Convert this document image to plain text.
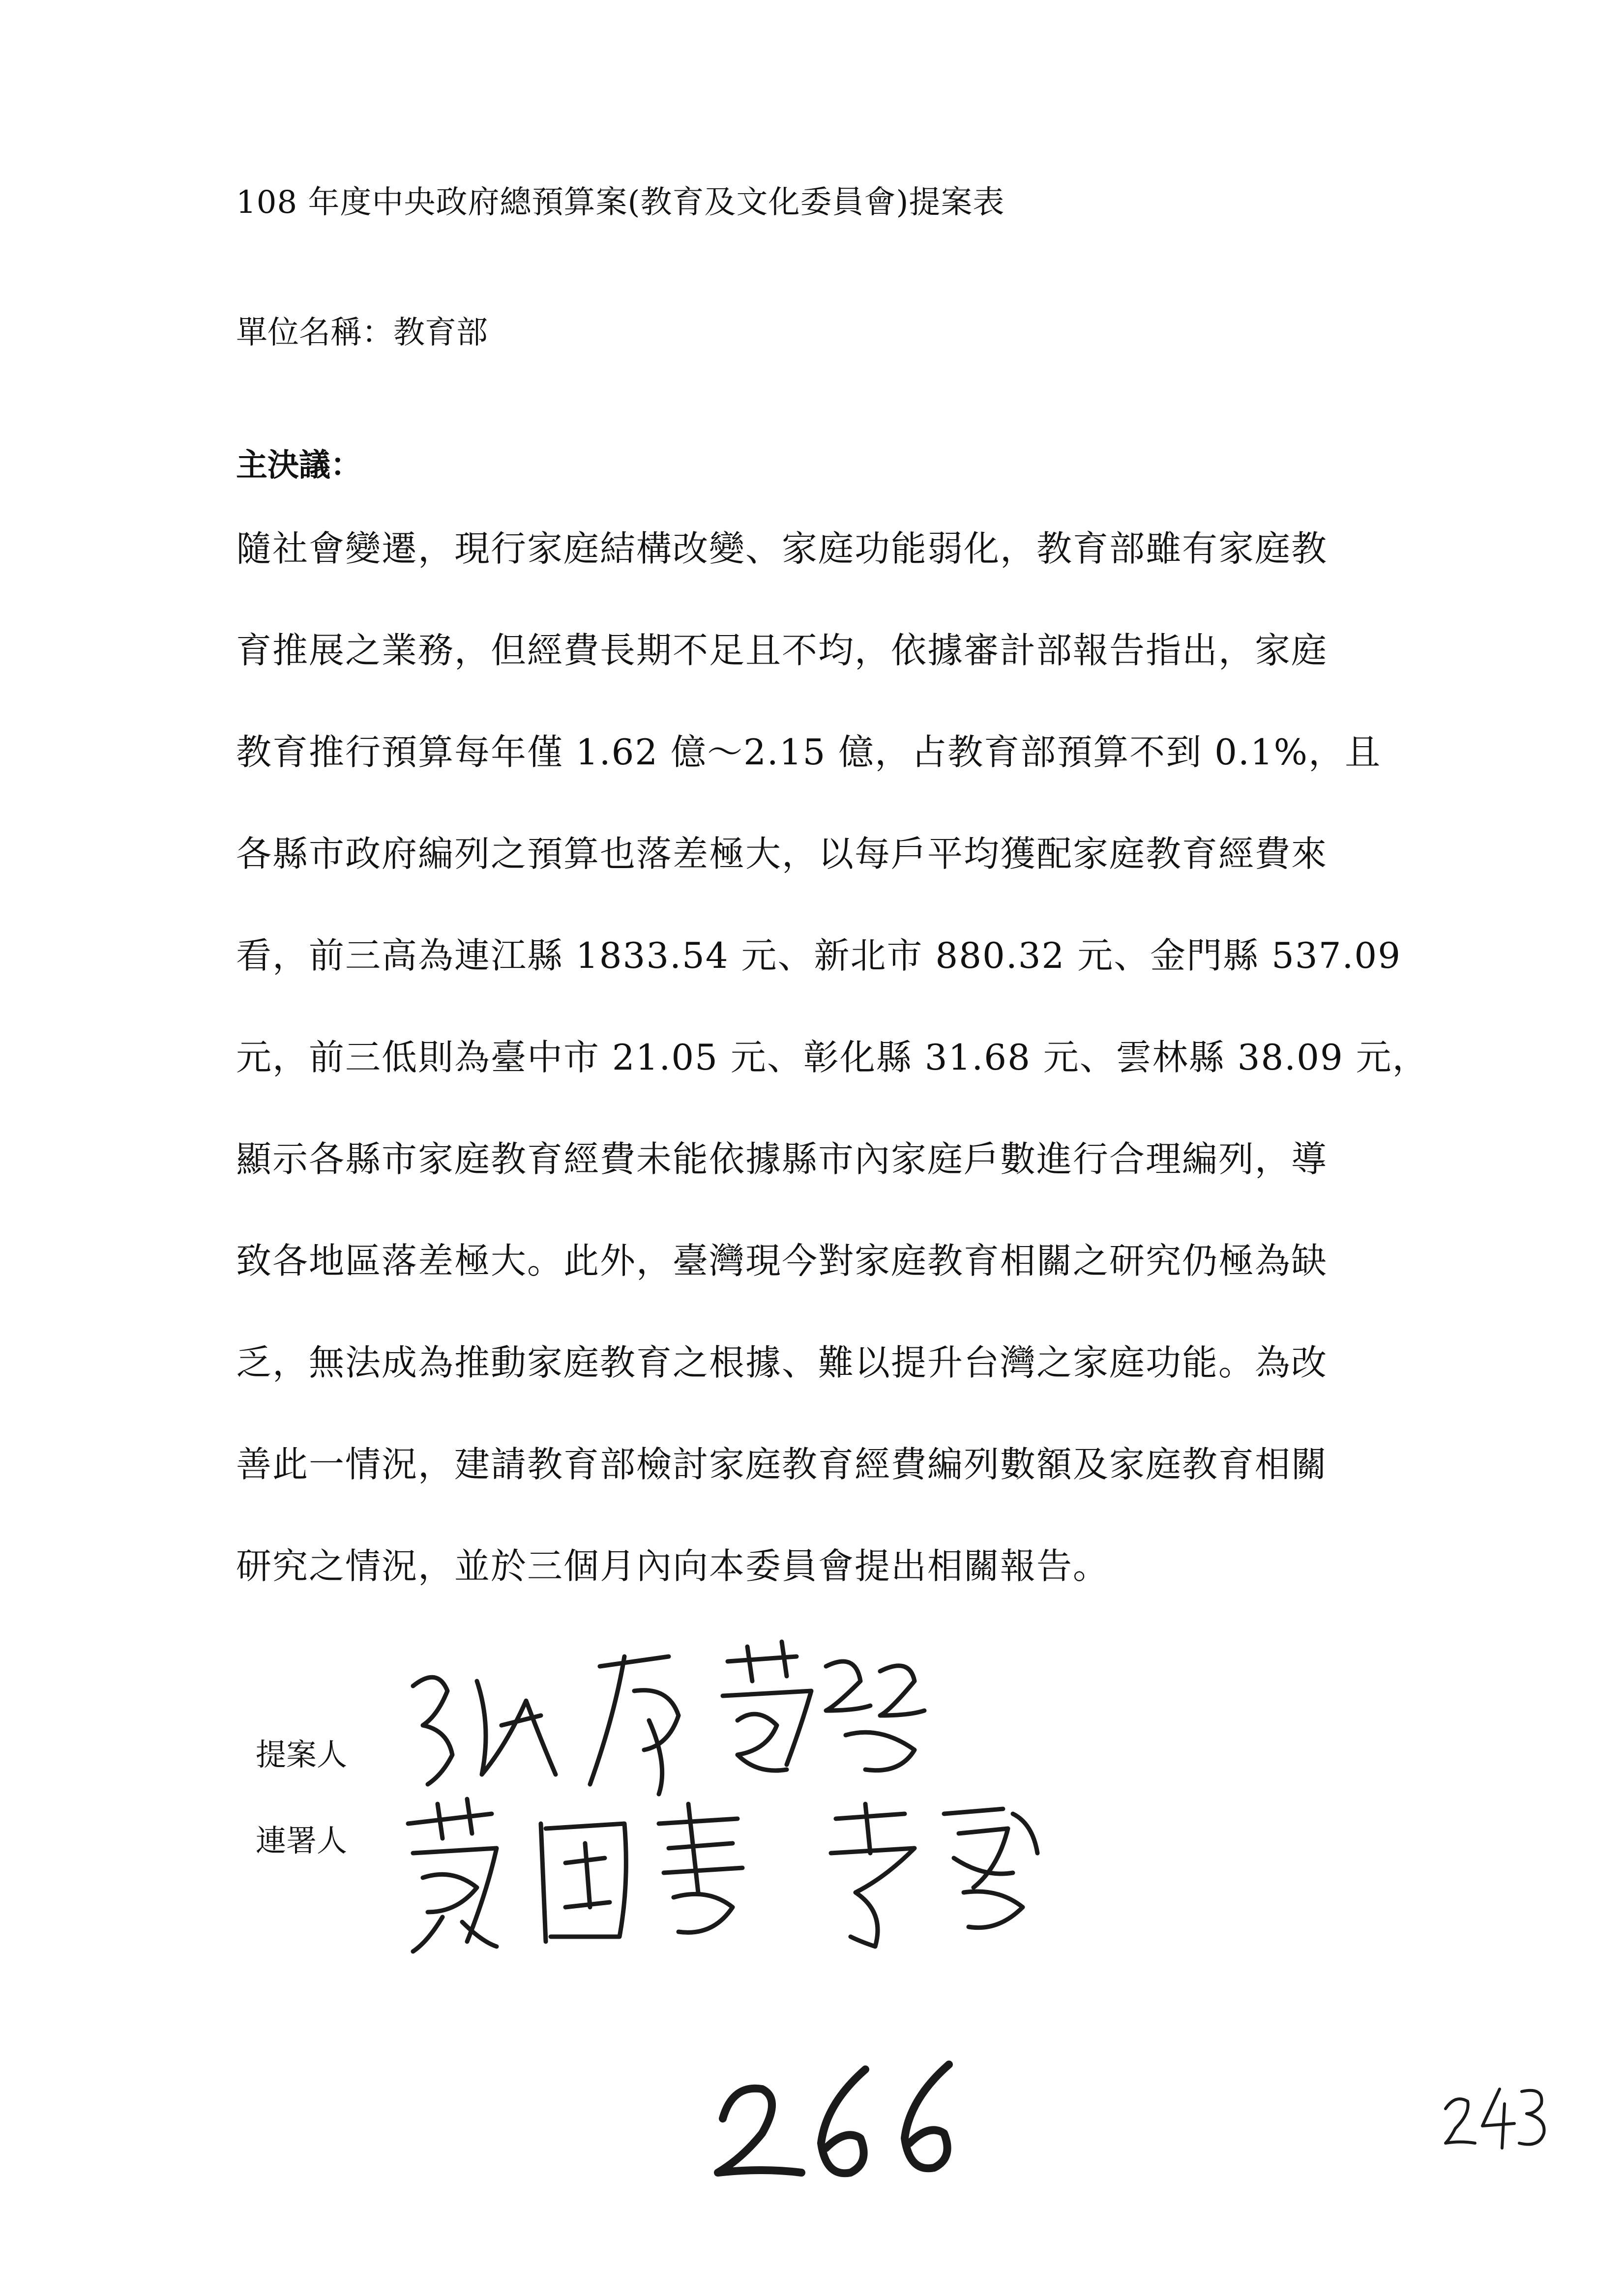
108 年度中央政府總預算案(教育及文化委員會)提案表
單位名稱：教育部
主決議：
隨社會變遷，現行家庭結構改變、家庭功能弱化，教育部雖有家庭教
育推展之業務，但經費長期不足且不均，依據審計部報告指出，家庭
教育推行預算每年僅 1.62 億～2.15 億，占教育部預算不到 0.1%，且
各縣市政府編列之預算也落差極大，以每戶平均獲配家庭教育經費來
看，前三高為連江縣 1833.54 元、新北市 880.32 元、金門縣 537.09
元，前三低則為臺中市 21.05 元、彰化縣 31.68 元、雲林縣 38.09 元，
顯示各縣市家庭教育經費未能依據縣市內家庭戶數進行合理編列，導
致各地區落差極大。此外，臺灣現今對家庭教育相關之研究仍極為缺
乏，無法成為推動家庭教育之根據、難以提升台灣之家庭功能。為改
善此一情況，建請教育部檢討家庭教育經費編列數額及家庭教育相關
研究之情況，並於三個月內向本委員會提出相關報告。
提案人
連署人
